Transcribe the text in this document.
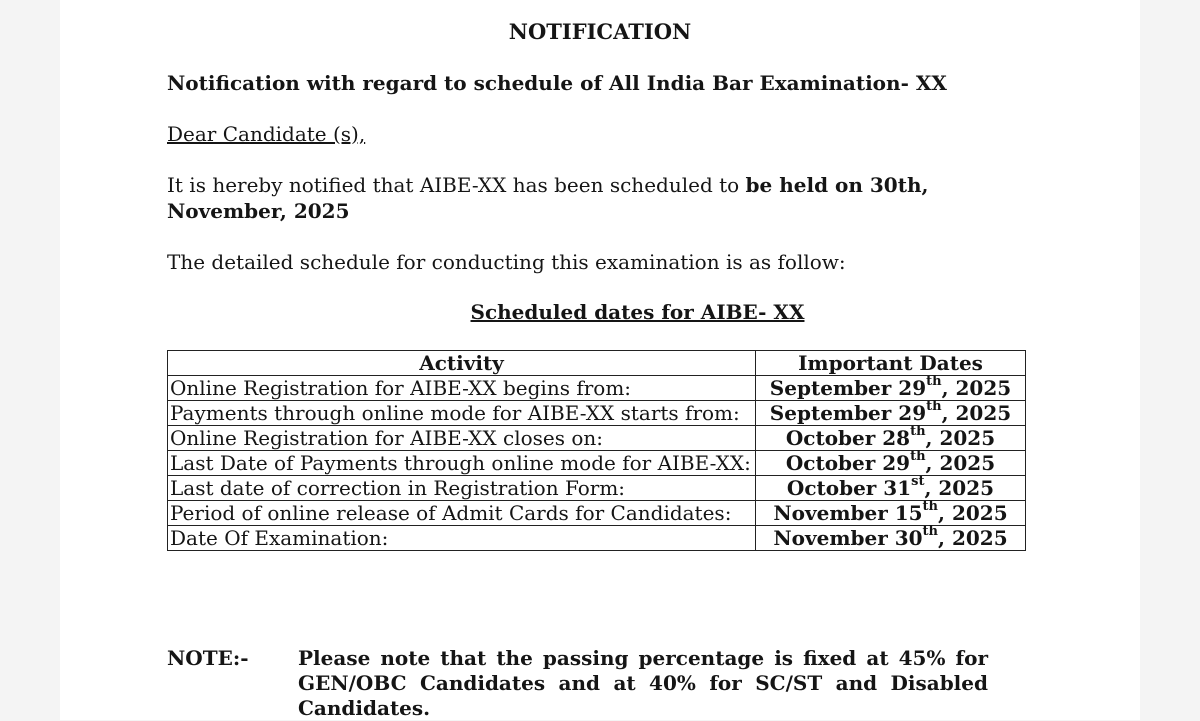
NOTIFICATION
Notification with regard to schedule of All India Bar Examination- XX
Dear Candidate (s),
It is hereby notified that AIBE-XX has been scheduled to be held on 30th, November, 2025
The detailed schedule for conducting this examination is as follow:
Scheduled dates for AIBE- XX
Activity	Important Dates
Online Registration for AIBE-XX begins from:	September 29th, 2025
Payments through online mode for AIBE-XX starts from:	September 29th, 2025
Online Registration for AIBE-XX closes on:	October 28th, 2025
Last Date of Payments through online mode for AIBE-XX:	October 29th, 2025
Last date of correction in Registration Form:	October 31st, 2025
Period of online release of Admit Cards for Candidates:	November 15th, 2025
Date Of Examination:	November 30th, 2025
NOTE:- Please note that the passing percentage is fixed at 45% for GEN/OBC Candidates and at 40% for SC/ST and Disabled Candidates.
